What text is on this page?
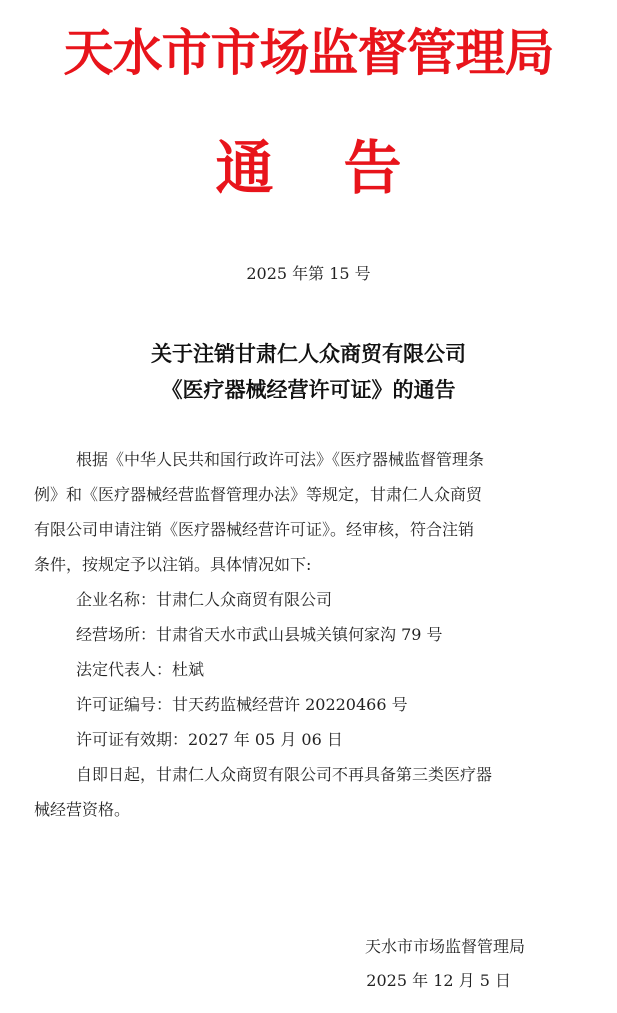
天水市市场监督管理局
通告
2025 年第 15 号
关于注销甘肃仁人众商贸有限公司
《医疗器械经营许可证》的通告
根据《中华人民共和国行政许可法》《医疗器械监督管理条
例》和《医疗器械经营监督管理办法》等规定，甘肃仁人众商贸
有限公司申请注销《医疗器械经营许可证》。经审核，符合注销
条件，按规定予以注销。具体情况如下:
企业名称：甘肃仁人众商贸有限公司
经营场所：甘肃省天水市武山县城关镇何家沟 79 号
法定代表人：杜斌
许可证编号：甘天药监械经营许 20220466 号
许可证有效期：2027 年 05 月 06 日
自即日起，甘肃仁人众商贸有限公司不再具备第三类医疗器
械经营资格。
天水市市场监督管理局
2025 年 12 月 5 日
